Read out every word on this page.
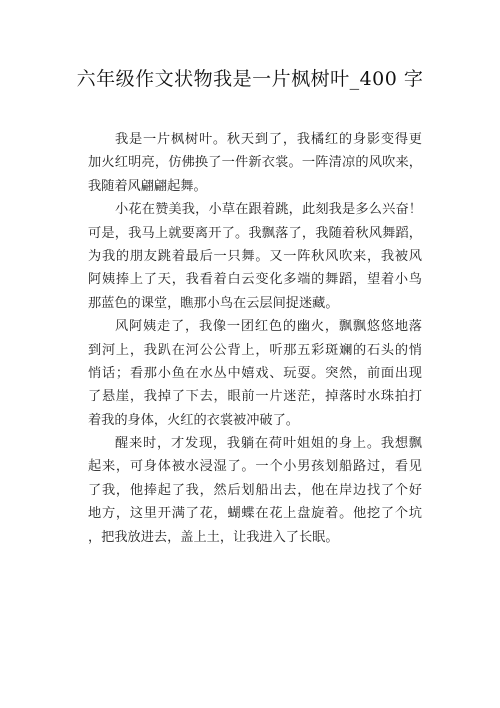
六年级作文状物我是一片枫树叶_400 字
我是一片枫树叶。秋天到了，我橘红的身影变得更
加火红明亮，仿佛换了一件新衣裳。一阵清凉的风吹来，
我随着风翩翩起舞。
小花在赞美我，小草在跟着跳，此刻我是多么兴奋！
可是，我马上就要离开了。我飘落了，我随着秋风舞蹈，
为我的朋友跳着最后一只舞。又一阵秋风吹来，我被风
阿姨捧上了天，我看着白云变化多端的舞蹈，望着小鸟
那蓝色的课堂，瞧那小鸟在云层间捉迷藏。
风阿姨走了，我像一团红色的幽火，飘飘悠悠地落
到河上，我趴在河公公背上，听那五彩斑斓的石头的悄
悄话；看那小鱼在水丛中嬉戏、玩耍。突然，前面出现
了悬崖，我掉了下去，眼前一片迷茫，掉落时水珠拍打
着我的身体，火红的衣裳被冲破了。
醒来时，才发现，我躺在荷叶姐姐的身上。我想飘
起来，可身体被水浸湿了。一个小男孩划船路过，看见
了我，他捧起了我，然后划船出去，他在岸边找了个好
地方，这里开满了花，蝴蝶在花上盘旋着。他挖了个坑
，把我放进去，盖上土，让我进入了长眠。
